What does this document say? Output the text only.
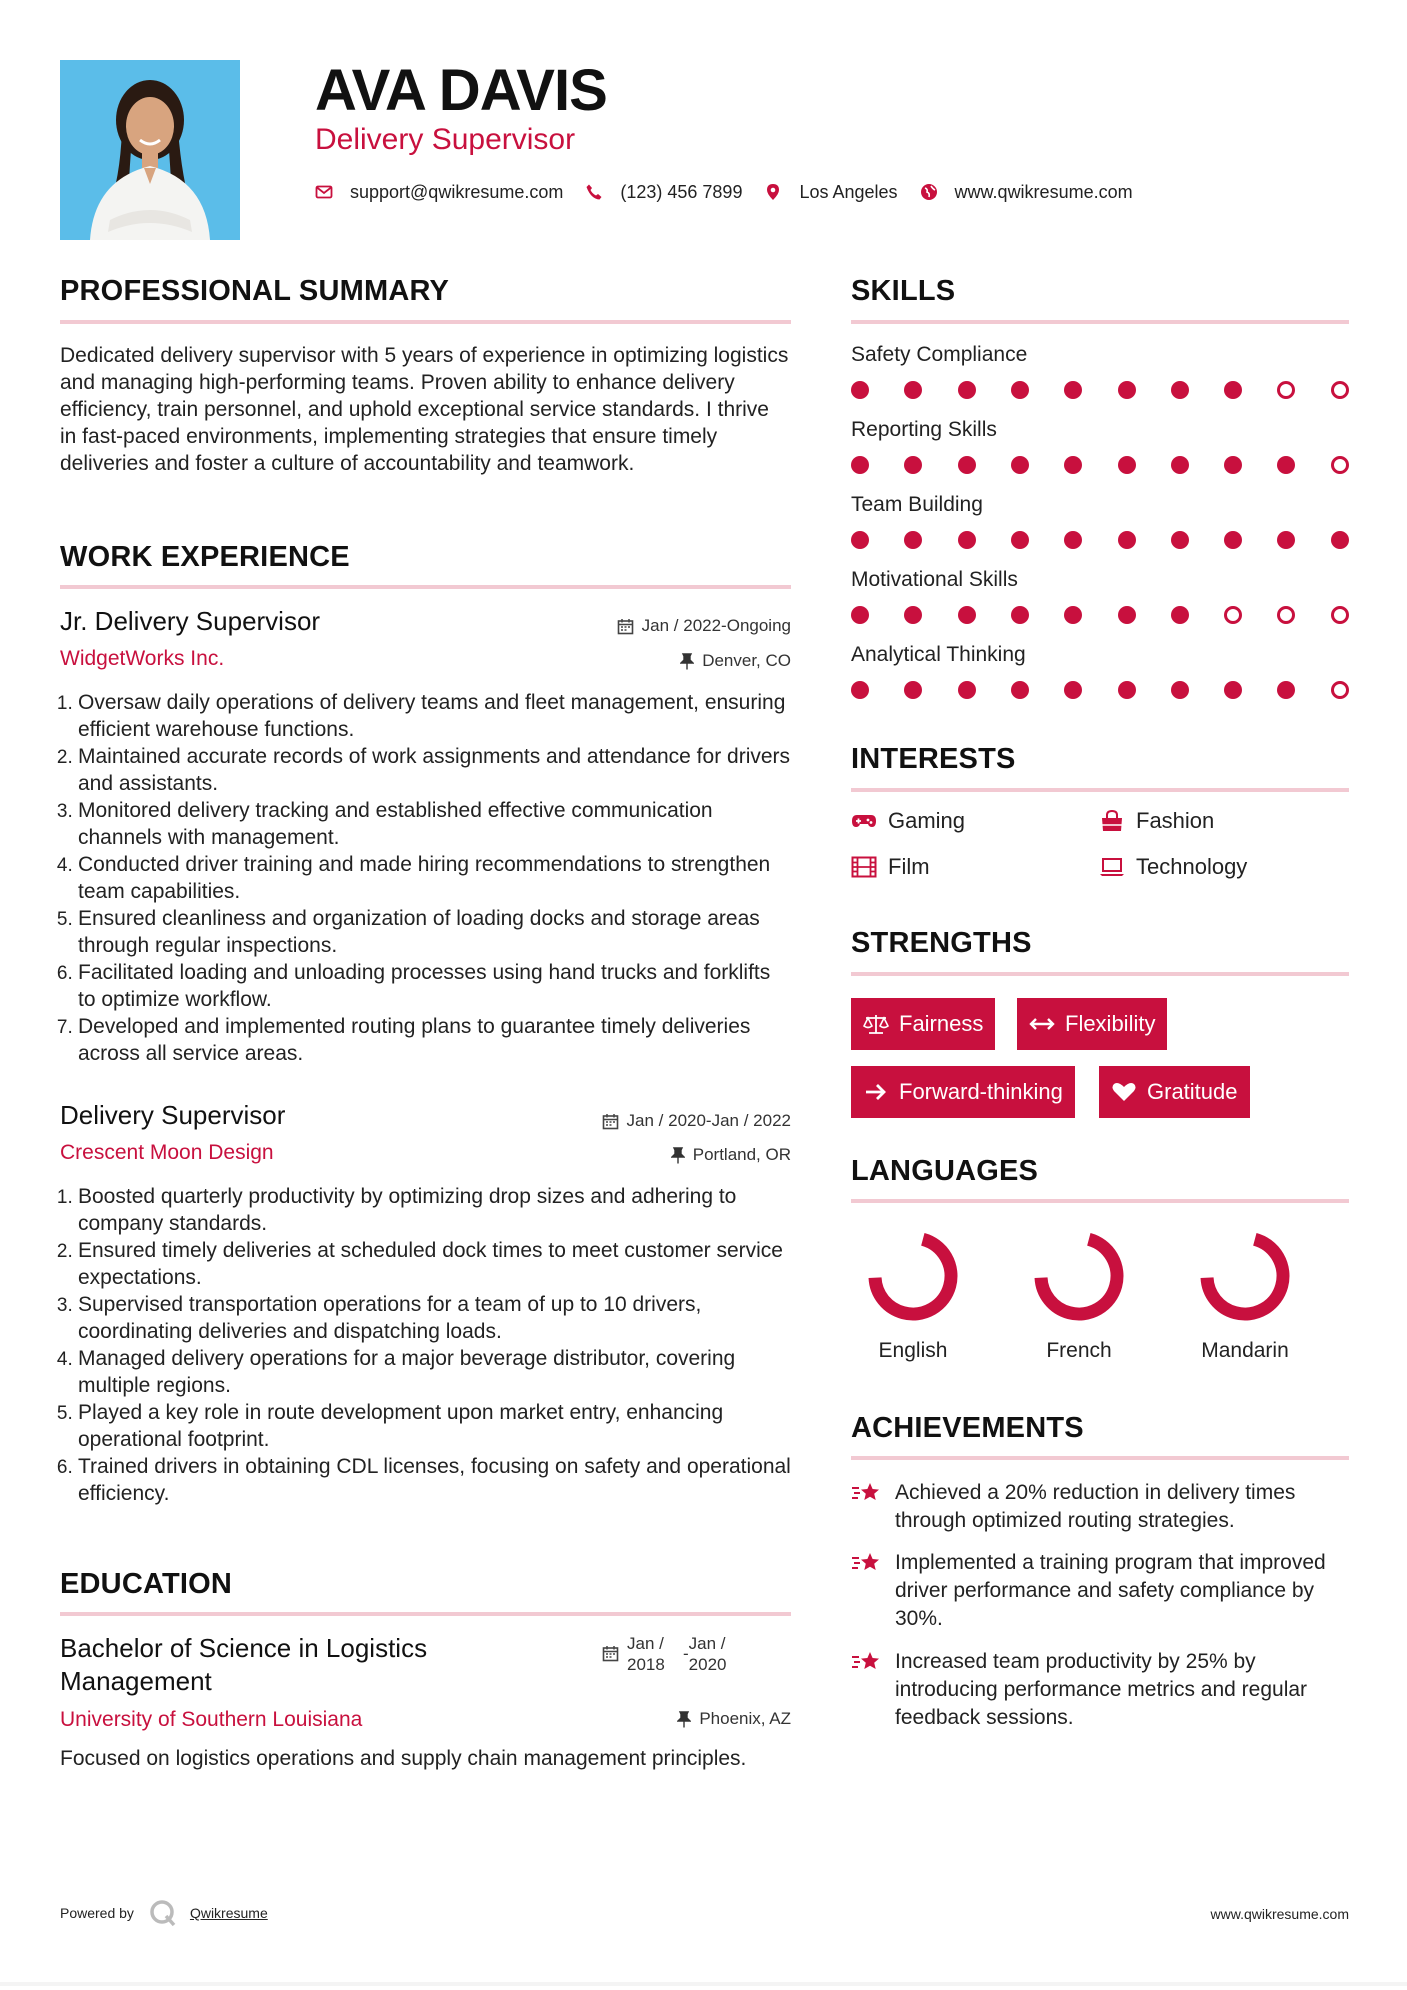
AVA DAVIS
Delivery Supervisor
support@qwikresume.com	(123) 456 7899	Los Angeles	www.qwikresume.com
PROFESSIONAL SUMMARY
Dedicated delivery supervisor with 5 years of experience in optimizing logistics and managing high-performing teams. Proven ability to enhance delivery efficiency, train personnel, and uphold exceptional service standards. I thrive in fast-paced environments, implementing strategies that ensure timely deliveries and foster a culture of accountability and teamwork.
WORK EXPERIENCE
Jr. Delivery Supervisor	Jan / 2022-Ongoing
WidgetWorks Inc.	Denver, CO
1. Oversaw daily operations of delivery teams and fleet management, ensuring efficient warehouse functions.
2. Maintained accurate records of work assignments and attendance for drivers and assistants.
3. Monitored delivery tracking and established effective communication channels with management.
4. Conducted driver training and made hiring recommendations to strengthen team capabilities.
5. Ensured cleanliness and organization of loading docks and storage areas through regular inspections.
6. Facilitated loading and unloading processes using hand trucks and forklifts to optimize workflow.
7. Developed and implemented routing plans to guarantee timely deliveries across all service areas.
Delivery Supervisor	Jan / 2020-Jan / 2022
Crescent Moon Design	Portland, OR
1. Boosted quarterly productivity by optimizing drop sizes and adhering to company standards.
2. Ensured timely deliveries at scheduled dock times to meet customer service expectations.
3. Supervised transportation operations for a team of up to 10 drivers, coordinating deliveries and dispatching loads.
4. Managed delivery operations for a major beverage distributor, covering multiple regions.
5. Played a key role in route development upon market entry, enhancing operational footprint.
6. Trained drivers in obtaining CDL licenses, focusing on safety and operational efficiency.
EDUCATION
Bachelor of Science in Logistics Management
Jan / 2018
-
Jan / 2020
University of Southern Louisiana	Phoenix, AZ
Focused on logistics operations and supply chain management principles.
SKILLS
Safety Compliance
Reporting Skills
Team Building
Motivational Skills
Analytical Thinking
INTERESTS
Gaming	Fashion
Film	Technology
STRENGTHS
Fairness	Flexibility
Forward-thinking	Gratitude
LANGUAGES
English	French	Mandarin
ACHIEVEMENTS
Achieved a 20% reduction in delivery times through optimized routing strategies.
Implemented a training program that improved driver performance and safety compliance by 30%.
Increased team productivity by 25% by introducing performance metrics and regular feedback sessions.
Powered by	Qwikresume	www.qwikresume.com
